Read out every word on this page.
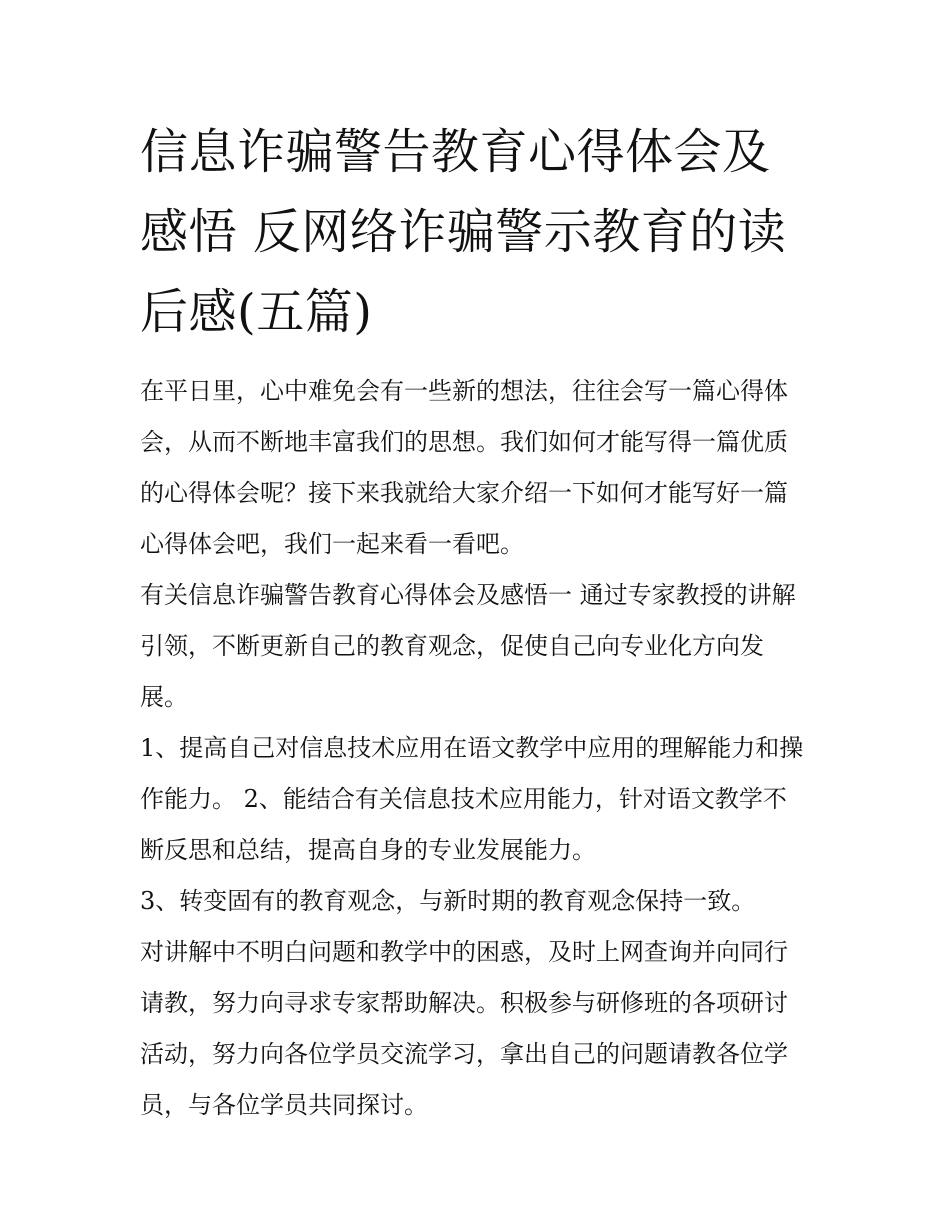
信息诈骗警告教育心得体会及感悟 反网络诈骗警示教育的读后感(五篇)

在平日里，心中难免会有一些新的想法，往往会写一篇心得体会，从而不断地丰富我们的思想。我们如何才能写得一篇优质的心得体会呢？接下来我就给大家介绍一下如何才能写好一篇心得体会吧，我们一起来看一看吧。

有关信息诈骗警告教育心得体会及感悟一 通过专家教授的讲解引领，不断更新自己的教育观念，促使自己向专业化方向发展。

1、提高自己对信息技术应用在语文教学中应用的理解能力和操作能力。 2、能结合有关信息技术应用能力，针对语文教学不断反思和总结，提高自身的专业发展能力。

3、转变固有的教育观念，与新时期的教育观念保持一致。

对讲解中不明白问题和教学中的困惑，及时上网查询并向同行请教，努力向寻求专家帮助解决。积极参与研修班的各项研讨活动，努力向各位学员交流学习，拿出自己的问题请教各位学员，与各位学员共同探讨。
